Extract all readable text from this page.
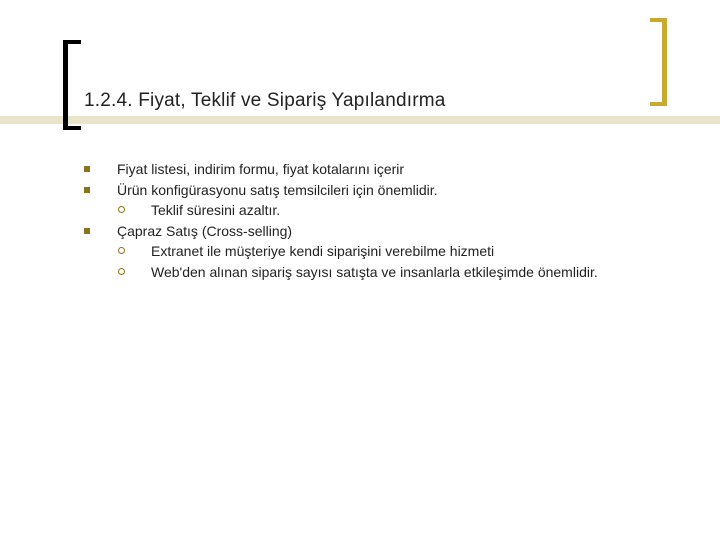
1.2.4. Fiyat, Teklif ve Sipariş Yapılandırma
Fiyat listesi, indirim formu, fiyat kotalarını içerir
Ürün konfigürasyonu satış temsilcileri için önemlidir.
Teklif süresini azaltır.
Çapraz Satış (Cross-selling)
Extranet ile müşteriye kendi siparişini verebilme hizmeti
Web'den alınan sipariş sayısı satışta ve insanlarla etkileşimde önemlidir.
